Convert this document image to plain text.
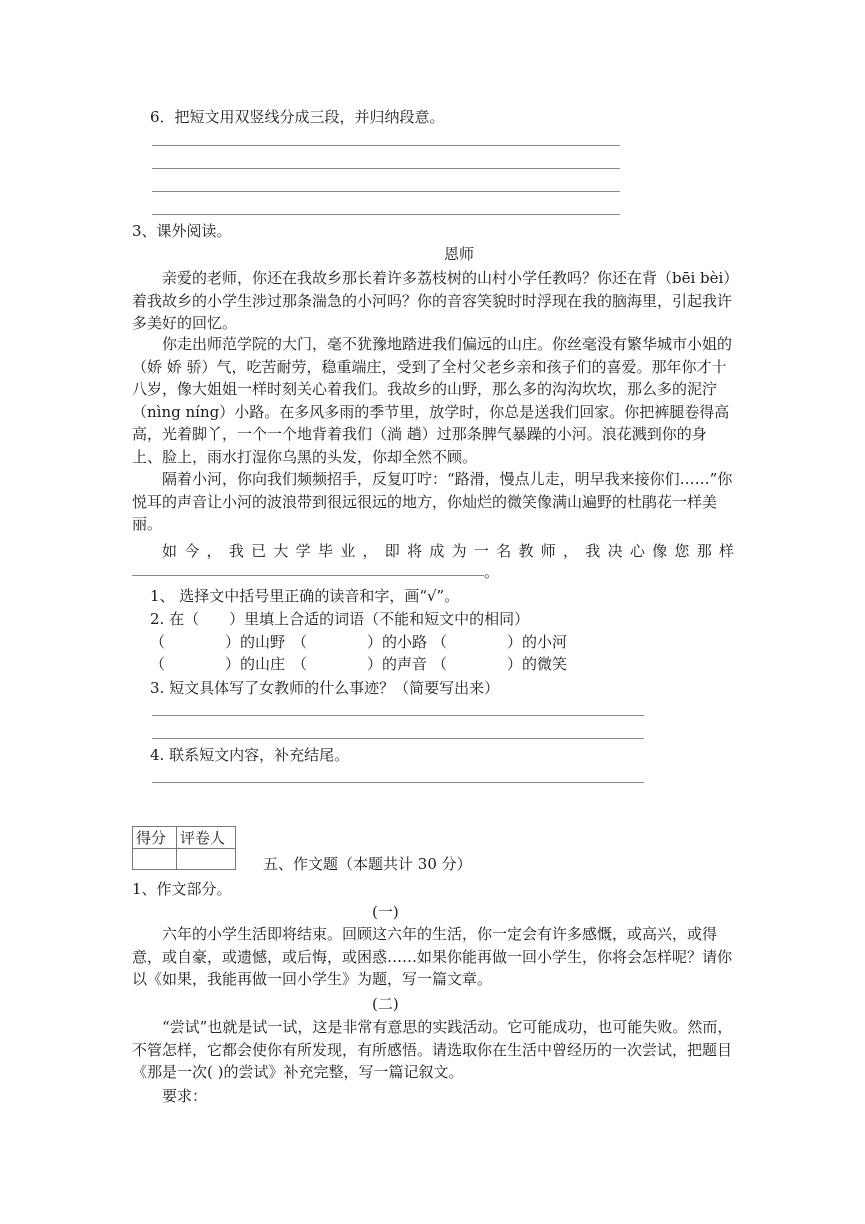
6．把短文用双竖线分成三段，并归纳段意。
3、课外阅读。
恩师
亲爱的老师，你还在我故乡那长着许多荔枝树的山村小学任教吗？你还在背（bēi bèi）着我故乡的小学生涉过那条湍急的小河吗？你的音容笑貌时时浮现在我的脑海里，引起我许多美好的回忆。
你走出师范学院的大门，毫不犹豫地踏进我们偏远的山庄。你丝毫没有繁华城市小姐的（娇 娇 骄）气，吃苦耐劳，稳重端庄，受到了全村父老乡亲和孩子们的喜爱。那年你才十八岁，像大姐姐一样时刻关心着我们。我故乡的山野，那么多的沟沟坎坎，那么多的泥泞（nìng níng）小路。在多风多雨的季节里，放学时，你总是送我们回家。你把裤腿卷得高高，光着脚丫，一个一个地背着我们（淌 趟）过那条脾气暴躁的小河。浪花溅到你的身上、脸上，雨水打湿你乌黑的头发，你却全然不顾。
隔着小河，你向我们频频招手，反复叮咛：“路滑，慢点儿走，明早我来接你们……”你悦耳的声音让小河的波浪带到很远很远的地方，你灿烂的微笑像满山遍野的杜鹃花一样美丽。
如今，我已大学毕业，即将成为一名教师，我决心像您那样
。
1、 选择文中括号里正确的读音和字，画“√”。
2. 在（　　）里填上合适的词语（不能和短文中的相同）
（　　　　）的山野 （　　　　）的小路 （　　　　）的小河
（　　　　）的山庄 （　　　　）的声音 （　　　　）的微笑
3. 短文具体写了女教师的什么事迹？（简要写出来）
4. 联系短文内容，补充结尾。
得分	评卷人

五、作文题（本题共计 30 分）
1、作文部分。
(一)
六年的小学生活即将结束。回顾这六年的生活，你一定会有许多感慨，或高兴，或得意，或自豪，或遗憾，或后悔，或困惑……如果你能再做一回小学生，你将会怎样呢？请你以《如果，我能再做一回小学生》为题，写一篇文章。
(二)
“尝试”也就是试一试，这是非常有意思的实践活动。它可能成功，也可能失败。然而，不管怎样，它都会使你有所发现，有所感悟。请选取你在生活中曾经历的一次尝试，把题目《那是一次( )的尝试》补充完整，写一篇记叙文。
要求：
